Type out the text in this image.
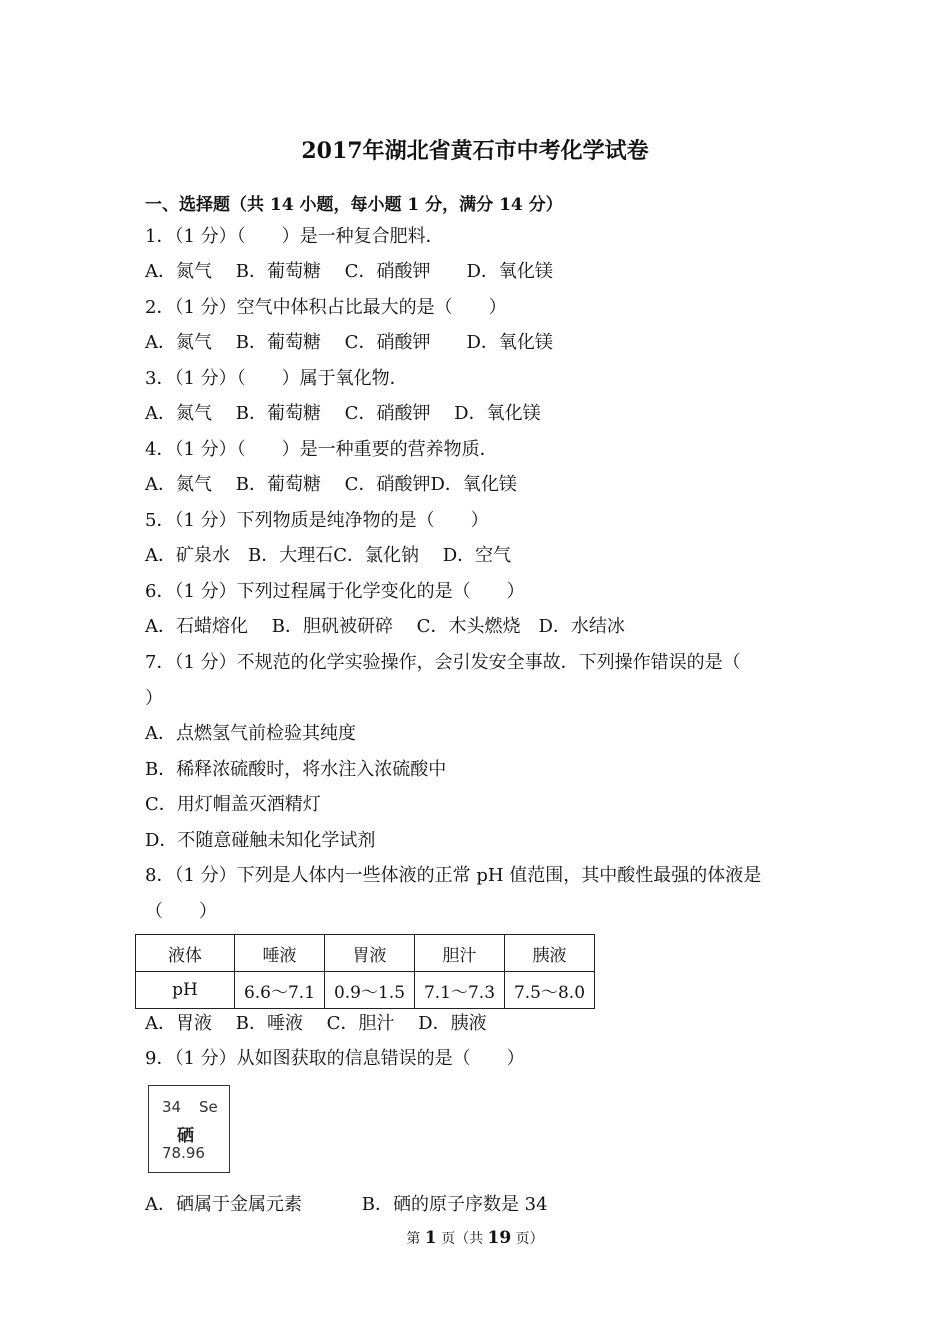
2017年湖北省黄石市中考化学试卷
一、选择题（共 14 小题，每小题 1 分，满分 14 分）
1．（1 分）（　　）是一种复合肥料．
A．氮气　 B．葡萄糖　 C．硝酸钾　　D．氧化镁
2．（1 分）空气中体积占比最大的是（　　）
A．氮气　 B．葡萄糖　 C．硝酸钾　　D．氧化镁
3．（1 分）（　　）属于氧化物．
A．氮气　 B．葡萄糖　 C．硝酸钾　 D．氧化镁
4．（1 分）（　　）是一种重要的营养物质．
A．氮气　 B．葡萄糖　 C．硝酸钾D．氧化镁
5．（1 分）下列物质是纯净物的是（　　）
A．矿泉水　B．大理石C．氯化钠　 D．空气
6．（1 分）下列过程属于化学变化的是（　　）
A．石蜡熔化　 B．胆矾被研碎　 C．木头燃烧　D．水结冰
7．（1 分）不规范的化学实验操作，会引发安全事故．下列操作错误的是（
）
A．点燃氢气前检验其纯度
B．稀释浓硫酸时，将水注入浓硫酸中
C．用灯帽盖灭酒精灯
D．不随意碰触未知化学试剂
8．（1 分）下列是人体内一些体液的正常 pH 值范围，其中酸性最强的体液是
（　　）
液体	唾液	胃液	胆汁	胰液
pH	6.6～7.1	0.9～1.5	7.1～7.3	7.5～8.0
A．胃液　 B．唾液　 C．胆汁　 D．胰液
9．（1 分）从如图获取的信息错误的是（　　）
34 Se
硒
78.96
A．硒属于金属元素　　　 B．硒的原子序数是 34
第 1 页（共 19 页）
